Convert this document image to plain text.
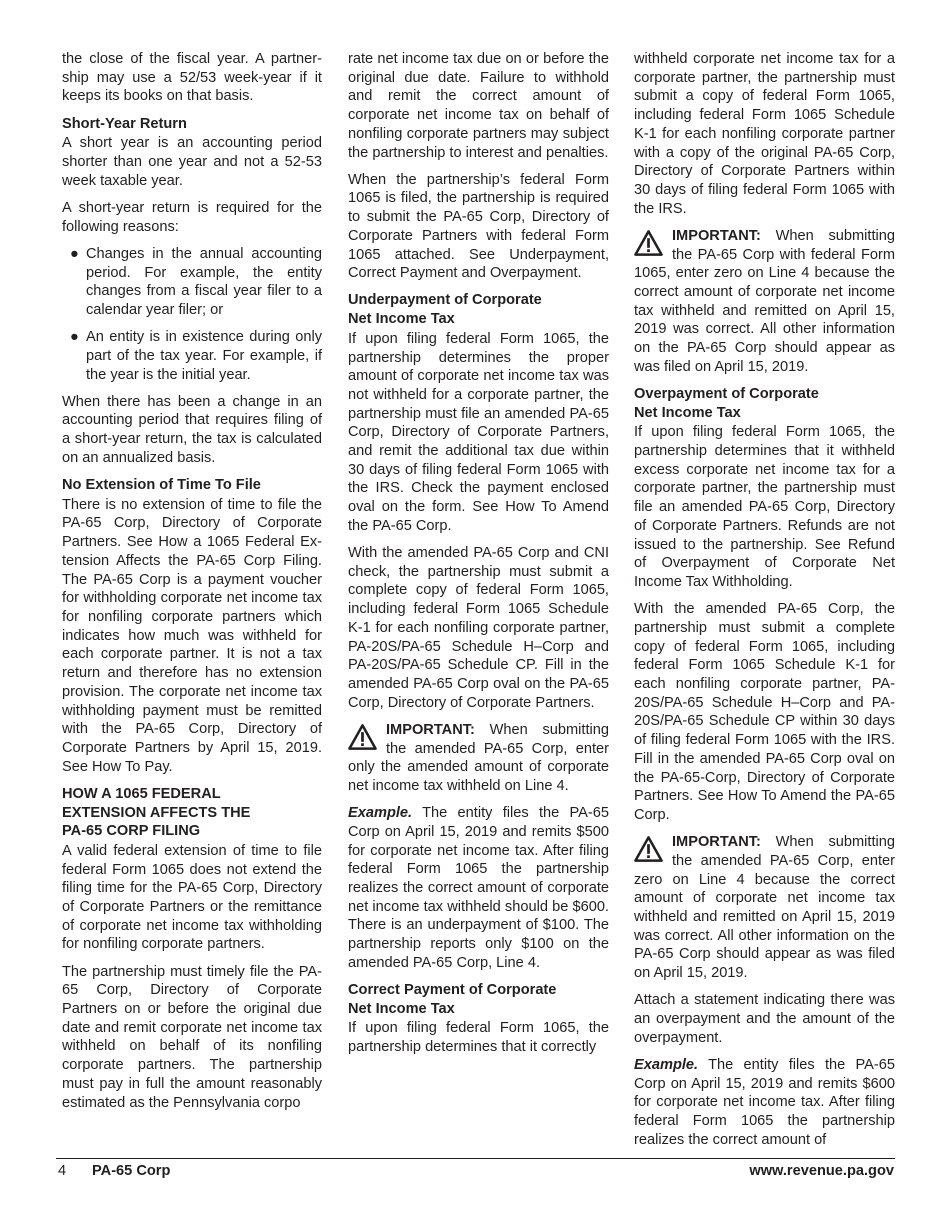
the close of the fiscal year. A partnership may use a 52/53 week-year if it keeps its books on that basis.

Short-Year Return

A short year is an accounting period shorter than one year and not a 52-53 week taxable year.

A short-year return is required for the following reasons:

● Changes in the annual accounting period. For example, the entity changes from a fiscal year filer to a calendar year filer; or
● An entity is in existence during only part of the tax year. For example, if the year is the initial year.

When there has been a change in an accounting period that requires filing of a short-year return, the tax is calculated on an annualized basis.

No Extension of Time To File

There is no extension of time to file the PA-65 Corp, Directory of Corporate Partners. See How a 1065 Federal Extension Affects the PA-65 Corp Filing. The PA-65 Corp is a payment voucher for withholding corporate net income tax for nonfiling corporate partners which indicates how much was withheld for each corporate partner. It is not a tax return and therefore has no extension provision. The corporate net income tax withholding payment must be remitted with the PA-65 Corp, Directory of Corporate Partners by April 15, 2019. See How To Pay.

HOW A 1065 FEDERAL
EXTENSION AFFECTS THE
PA-65 CORP FILING

A valid federal extension of time to file federal Form 1065 does not extend the filing time for the PA-65 Corp, Directory of Corporate Partners or the remittance of corporate net income tax withholding for nonfiling corporate partners.

The partnership must timely file the PA-65 Corp, Directory of Corporate Partners on or before the original due date and remit corporate net income tax withheld on behalf of its nonfiling corporate partners. The partnership must pay in full the amount reasonably estimated as the Pennsylvania corpo

rate net income tax due on or before the original due date. Failure to withhold and remit the correct amount of corporate net income tax on behalf of nonfiling corporate partners may subject the partnership to interest and penalties.

When the partnership’s federal Form 1065 is filed, the partnership is required to submit the PA-65 Corp, Directory of Corporate Partners with federal Form 1065 attached. See Underpayment, Correct Payment and Overpayment.

Underpayment of Corporate
Net Income Tax

If upon filing federal Form 1065, the partnership determines the proper amount of corporate net income tax was not withheld for a corporate partner, the partnership must file an amended PA-65 Corp, Directory of Corporate Partners, and remit the additional tax due within 30 days of filing federal Form 1065 with the IRS. Check the payment enclosed oval on the form. See How To Amend the PA-65 Corp.

With the amended PA-65 Corp and CNI check, the partnership must submit a complete copy of federal Form 1065, including federal Form 1065 Schedule K-1 for each nonfiling corporate partner, PA-20S/PA-65 Schedule H–Corp and PA-20S/PA-65 Schedule CP. Fill in the amended PA-65 Corp oval on the PA-65 Corp, Directory of Corporate Partners.

IMPORTANT: When submitting the amended PA-65 Corp, enter only the amended amount of corporate net income tax withheld on Line 4.

Example. The entity files the PA-65 Corp on April 15, 2019 and remits $500 for corporate net income tax. After filing federal Form 1065 the partnership realizes the correct amount of corporate net income tax withheld should be $600. There is an underpayment of $100. The partnership reports only $100 on the amended PA-65 Corp, Line 4.

Correct Payment of Corporate
Net Income Tax

If upon filing federal Form 1065, the partnership determines that it correctly

withheld corporate net income tax for a corporate partner, the partnership must submit a copy of federal Form 1065, including federal Form 1065 Schedule K-1 for each nonfiling corporate partner with a copy of the original PA-65 Corp, Directory of Corporate Partners within 30 days of filing federal Form 1065 with the IRS.

IMPORTANT: When submitting the PA-65 Corp with federal Form 1065, enter zero on Line 4 because the correct amount of corporate net income tax withheld and remitted on April 15, 2019 was correct. All other information on the PA-65 Corp should appear as was filed on April 15, 2019.

Overpayment of Corporate
Net Income Tax

If upon filing federal Form 1065, the partnership determines that it withheld excess corporate net income tax for a corporate partner, the partnership must file an amended PA-65 Corp, Directory of Corporate Partners. Refunds are not issued to the partnership. See Refund of Overpayment of Corporate Net Income Tax Withholding.

With the amended PA-65 Corp, the partnership must submit a complete copy of federal Form 1065, including federal Form 1065 Schedule K-1 for each nonfiling corporate partner, PA-20S/PA-65 Schedule H–Corp and PA-20S/PA-65 Schedule CP within 30 days of filing federal Form 1065 with the IRS. Fill in the amended PA-65 Corp oval on the PA-65-Corp, Directory of Corporate Partners. See How To Amend the PA-65 Corp.

IMPORTANT: When submitting the amended PA-65 Corp, enter zero on Line 4 because the correct amount of corporate net income tax withheld and remitted on April 15, 2019 was correct. All other information on the PA-65 Corp should appear as was filed on April 15, 2019.

Attach a statement indicating there was an overpayment and the amount of the overpayment.

Example. The entity files the PA-65 Corp on April 15, 2019 and remits $600 for corporate net income tax. After filing federal Form 1065 the partnership realizes the correct amount of

4 PA-65 Corp	www.revenue.pa.gov
